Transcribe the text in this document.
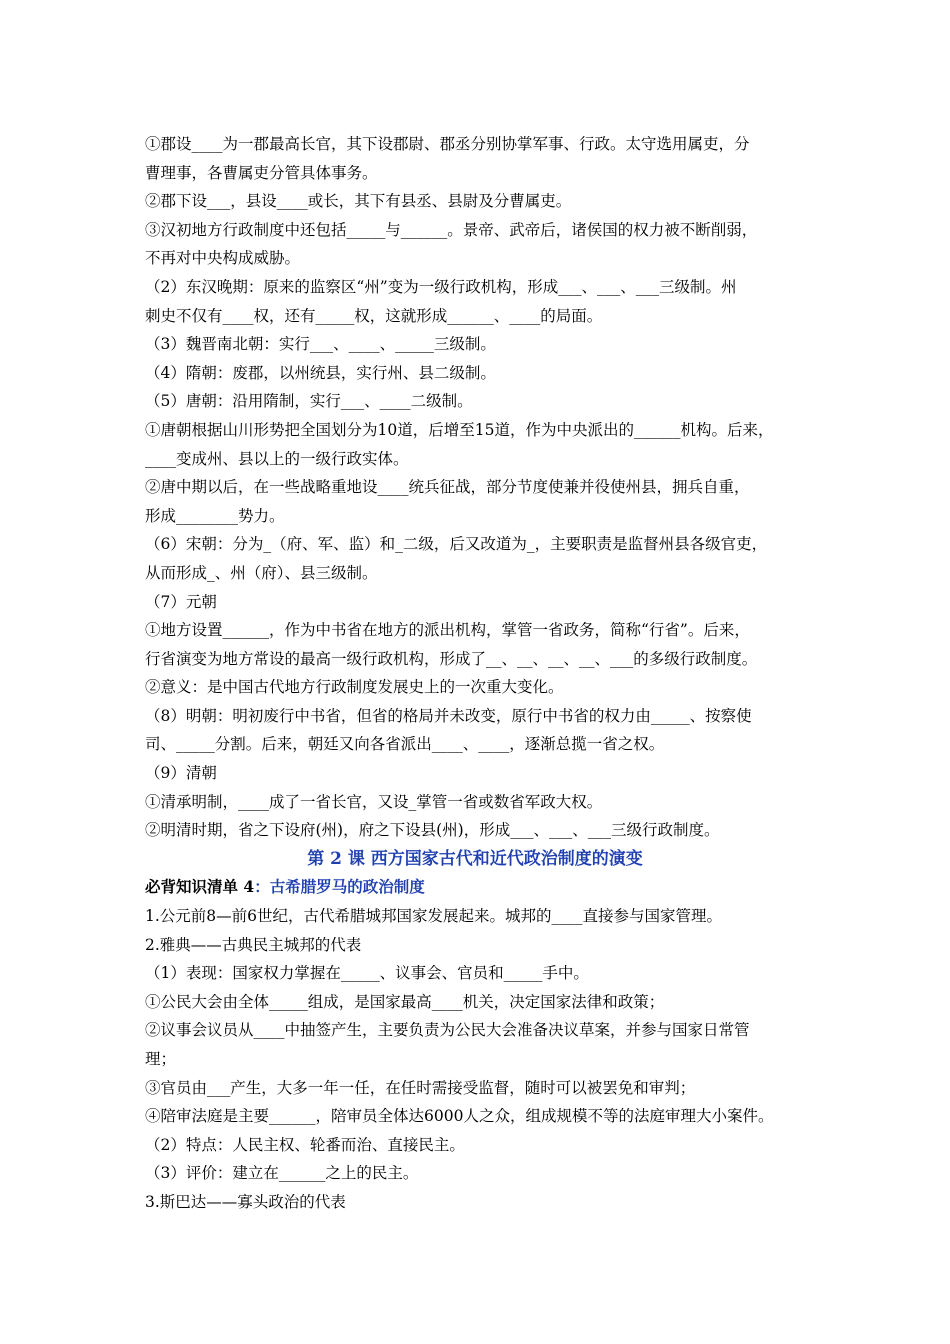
①郡设____为一郡最高长官，其下设郡尉、郡丞分别协掌军事、行政。太守选用属吏，分
曹理事，各曹属吏分管具体事务。
②郡下设___，县设____或长，其下有县丞、县尉及分曹属吏。
③汉初地方行政制度中还包括_____与______。景帝、武帝后，诸侯国的权力被不断削弱，
不再对中央构成威胁。
（2）东汉晚期：原来的监察区“州”变为一级行政机构，形成___、___、___三级制。州
刺史不仅有____权，还有_____权，这就形成______、____的局面。
（3）魏晋南北朝：实行___、____、_____三级制。
（4）隋朝：废郡，以州统县，实行州、县二级制。
（5）唐朝：沿用隋制，实行___、____二级制。
①唐朝根据山川形势把全国划分为10道，后增至15道，作为中央派出的______机构。后来，
____变成州、县以上的一级行政实体。
②唐中期以后，在一些战略重地设____统兵征战，部分节度使兼并役使州县，拥兵自重，
形成________势力。
（6）宋朝：分为_（府、军、监）和_二级，后又改道为_，主要职责是监督州县各级官吏，
从而形成_、州（府）、县三级制。
（7）元朝
①地方设置______，作为中书省在地方的派出机构，掌管一省政务，简称“行省”。后来，
行省演变为地方常设的最高一级行政机构，形成了__、__、__、__、___的多级行政制度。
②意义：是中国古代地方行政制度发展史上的一次重大变化。
（8）明朝：明初废行中书省，但省的格局并未改变，原行中书省的权力由_____、按察使
司、_____分割。后来，朝廷又向各省派出____、____，逐渐总揽一省之权。
（9）清朝
①清承明制，____成了一省长官，又设_掌管一省或数省军政大权。
②明清时期，省之下设府(州)，府之下设县(州)，形成___、___、___三级行政制度。
第 2 课 西方国家古代和近代政治制度的演变
必背知识清单 4：古希腊罗马的政治制度
1.公元前8—前6世纪，古代希腊城邦国家发展起来。城邦的____直接参与国家管理。
2.雅典——古典民主城邦的代表
（1）表现：国家权力掌握在_____、议事会、官员和_____手中。
①公民大会由全体_____组成，是国家最高____机关，决定国家法律和政策；
②议事会议员从____中抽签产生，主要负责为公民大会准备决议草案，并参与国家日常管
理；
③官员由___产生，大多一年一任，在任时需接受监督，随时可以被罢免和审判；
④陪审法庭是主要______，陪审员全体达6000人之众，组成规模不等的法庭审理大小案件。
（2）特点：人民主权、轮番而治、直接民主。
（3）评价：建立在______之上的民主。
3.斯巴达——寡头政治的代表
